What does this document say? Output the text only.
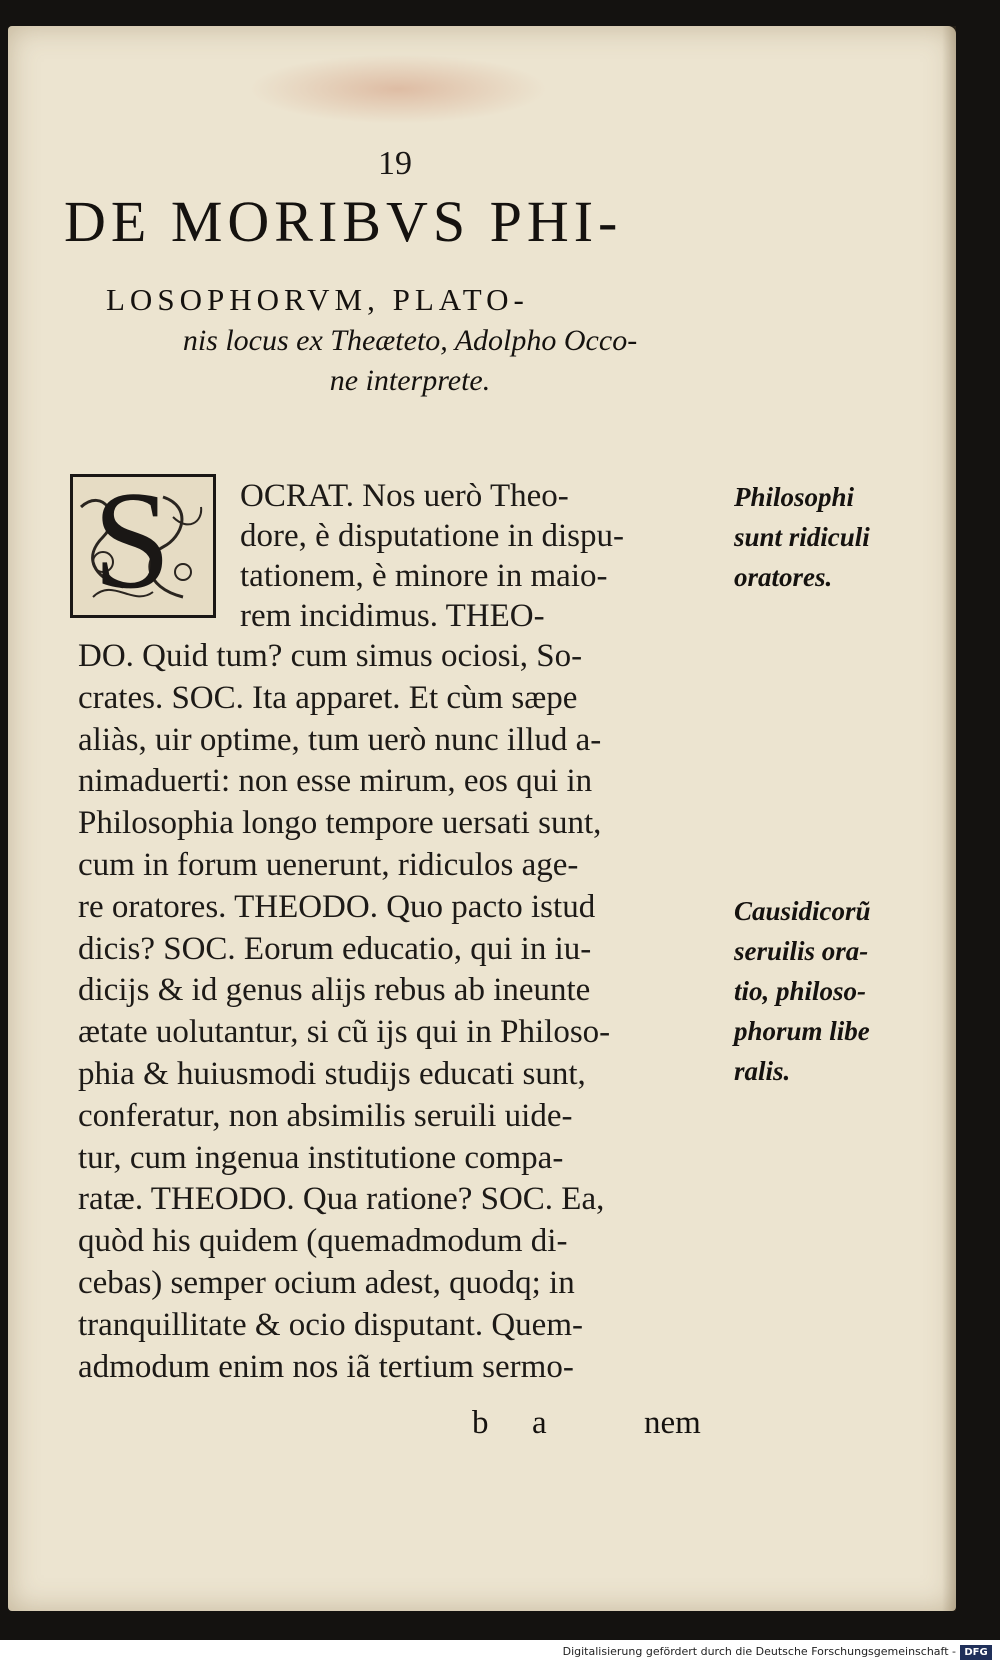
19
DE MORIBVS PHI-
LOSOPHORVM, PLATO-
nis locus ex Theæteto, Adolpho Occo-
ne interprete.
S OCRAT. Nos uerò Theo-
dore, è disputatione in dispu-
tationem, è minore in maio-
rem incidimus. THEO-
DO. Quid tum? cum simus ociosi, So-
crates. SOC. Ita apparet. Et cùm sæpe
aliàs, uir optime, tum uerò nunc illud a-
nimaduerti: non esse mirum, eos qui in
Philosophia longo tempore uersati sunt,
cum in forum uenerunt, ridiculos age-
re oratores. THEODO. Quo pacto istud
dicis? SOC. Eorum educatio, qui in iu-
dicijs & id genus alijs rebus ab ineunte
ætate uolutantur, si cũ ijs qui in Philoso-
phia & huiusmodi studijs educati sunt,
conferatur, non absimilis seruili uide-
tur, cum ingenua institutione compa-
ratæ. THEODO. Qua ratione? SOC. Ea,
quòd his quidem (quemadmodum di-
cebas) semper ocium adest, quodq; in
tranquillitate & ocio disputant. Quem-
admodum enim nos iã tertium sermo-
b a	nem
Philosophi
sunt ridiculi
oratores.
Causidicorũ
seruilis ora-
tio, philoso-
phorum libe
ralis.
Digitalisierung gefördert durch die Deutsche Forschungsgemeinschaft - DFG
